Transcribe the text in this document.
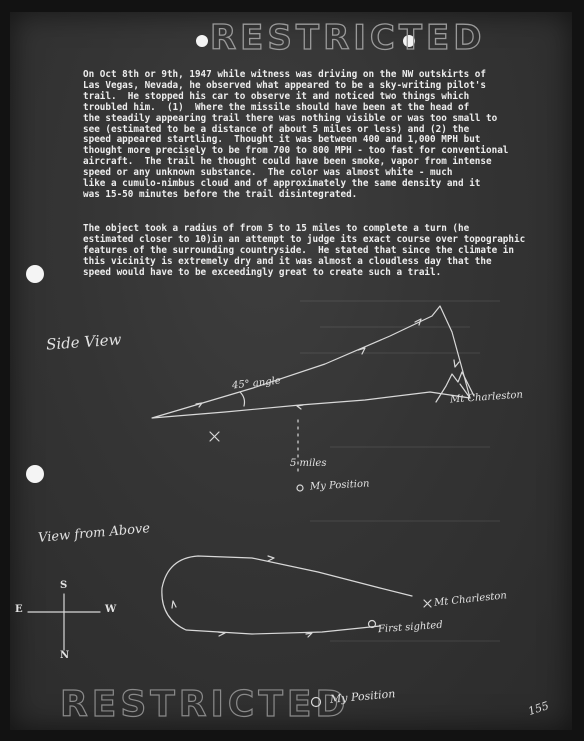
RESTRICTED
RESTRICTED
On Oct 8th or 9th, 1947 while witness was driving on the NW outskirts of
Las Vegas, Nevada, he observed what appeared to be a sky-writing pilot's
trail.  He stopped his car to observe it and noticed two things which
troubled him.  (1)  Where the missile should have been at the head of
the steadily appearing trail there was nothing visible or was too small to
see (estimated to be a distance of about 5 miles or less) and (2) the
speed appeared startling.  Thought it was between 400 and 1,000 MPH but
thought more precisely to be from 700 to 800 MPH - too fast for conventional
aircraft.  The trail he thought could have been smoke, vapor from intense
speed or any unknown substance.  The color was almost white - much
like a cumulo-nimbus cloud and of approximately the same density and it
was 15-50 minutes before the trail disintegrated.
The object took a radius of from 5 to 15 miles to complete a turn (he
estimated closer to 10)in an attempt to judge its exact course over topographic
features of the surrounding countryside.  He stated that since the climate in
this vicinity is extremely dry and it was almost a cloudless day that the
speed would have to be exceedingly great to create such a trail.
Side View
45° angle
Mt Charleston
5 miles
My Position
View from Above
Mt Charleston
First sighted
My Position
S
N
E	W
155
